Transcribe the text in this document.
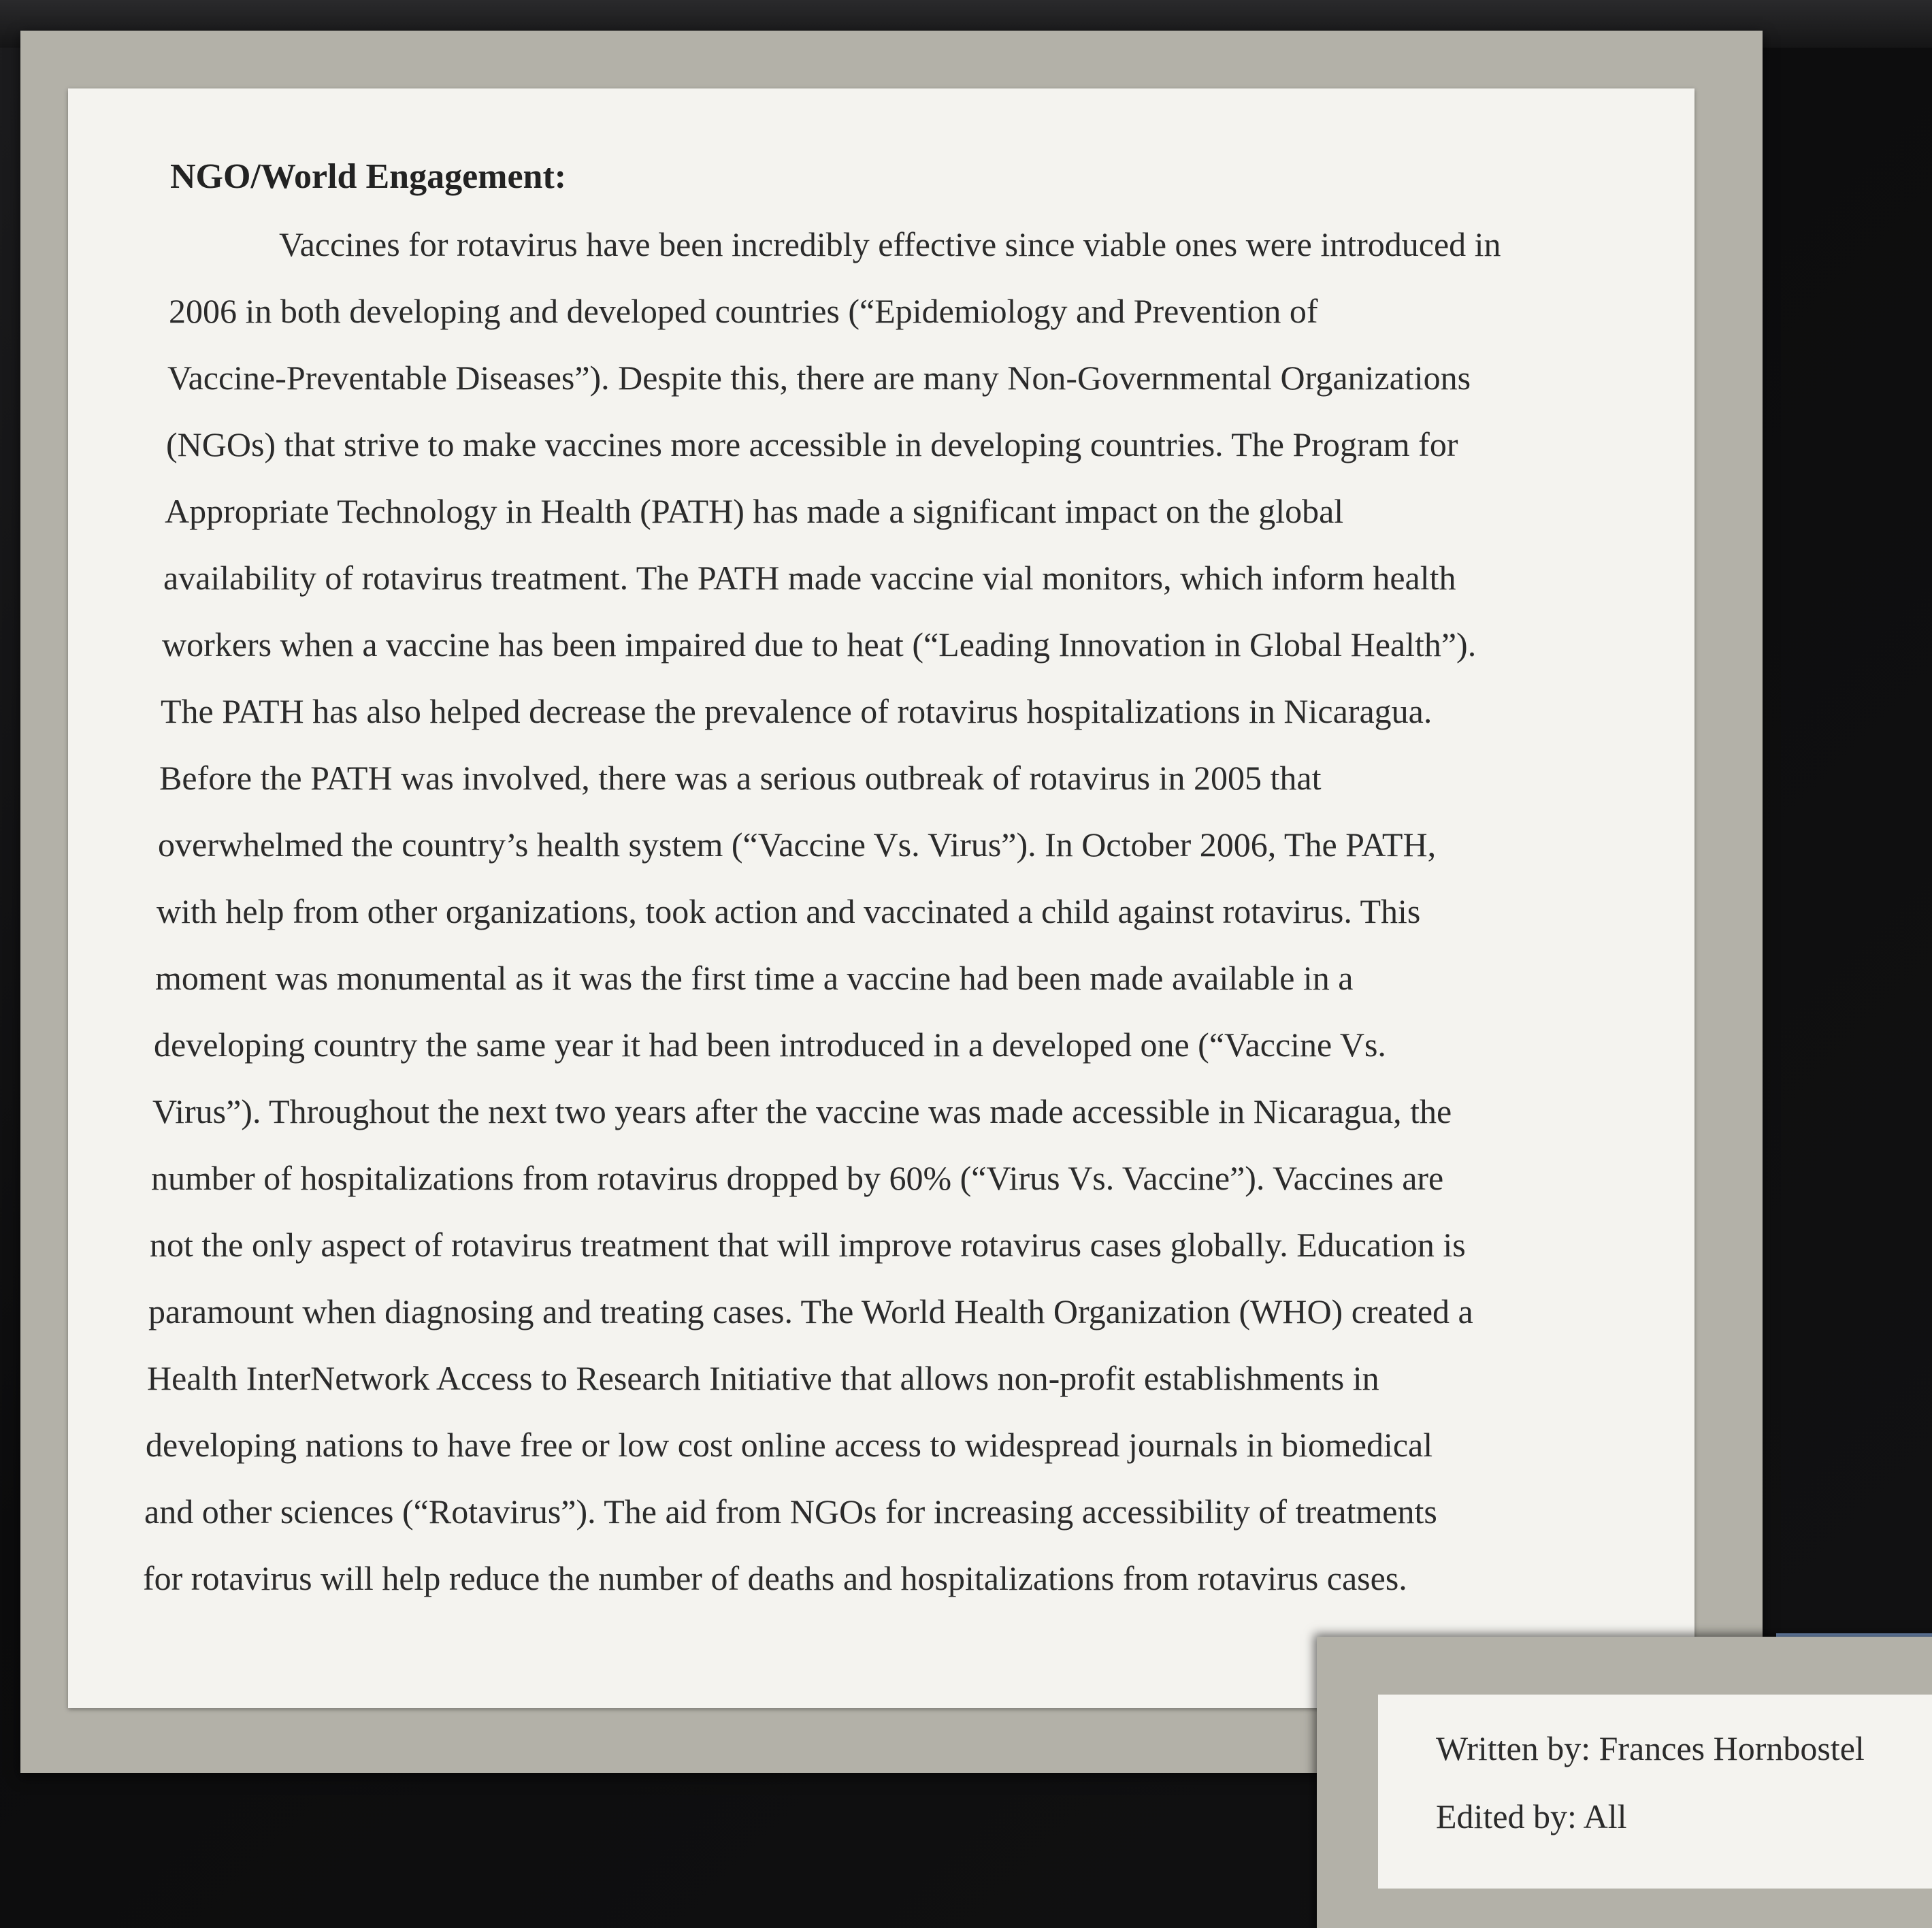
NGO/World Engagement:

Vaccines for rotavirus have been incredibly effective since viable ones were introduced in

2006 in both developing and developed countries (“Epidemiology and Prevention of

Vaccine-Preventable Diseases”). Despite this, there are many Non-Governmental Organizations

(NGOs) that strive to make vaccines more accessible in developing countries. The Program for

Appropriate Technology in Health (PATH) has made a significant impact on the global

availability of rotavirus treatment. The PATH made vaccine vial monitors, which inform health

workers when a vaccine has been impaired due to heat (“Leading Innovation in Global Health”).

The PATH has also helped decrease the prevalence of rotavirus hospitalizations in Nicaragua.

Before the PATH was involved, there was a serious outbreak of rotavirus in 2005 that

overwhelmed the country’s health system (“Vaccine Vs. Virus”). In October 2006, The PATH,

with help from other organizations, took action and vaccinated a child against rotavirus. This

moment was monumental as it was the first time a vaccine had been made available in a

developing country the same year it had been introduced in a developed one (“Vaccine Vs.

Virus”). Throughout the next two years after the vaccine was made accessible in Nicaragua, the

number of hospitalizations from rotavirus dropped by 60% (“Virus Vs. Vaccine”). Vaccines are

not the only aspect of rotavirus treatment that will improve rotavirus cases globally. Education is

paramount when diagnosing and treating cases. The World Health Organization (WHO) created a

Health InterNetwork Access to Research Initiative that allows non-profit establishments in

developing nations to have free or low cost online access to widespread journals in biomedical

and other sciences (“Rotavirus”). The aid from NGOs for increasing accessibility of treatments

for rotavirus will help reduce the number of deaths and hospitalizations from rotavirus cases.

Written by: Frances Hornbostel

Edited by: All
